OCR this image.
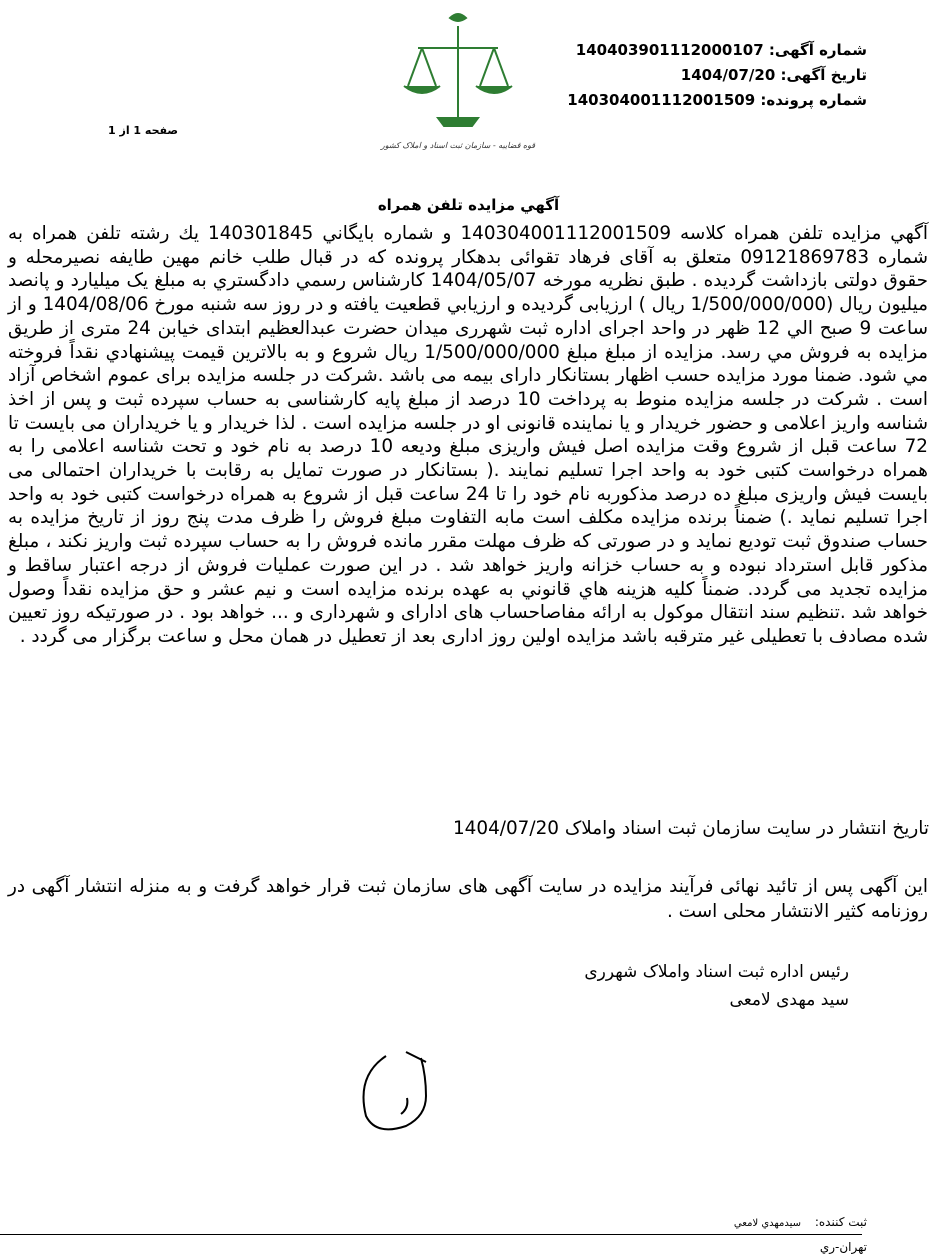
شماره آگهی: 14040390111200010​7
تاریخ آگهی: 1404/07/20
شماره پرونده: 14030400111200150​9
قوه قضاییه - سازمان ثبت اسناد و املاک کشور
صفحه 1 از 1
آگهي مزايده تلفن همراه

آگهي مزايده تلفن همراه كلاسه 140304001112001509 و شماره بايگاني 140301845 يك رشته تلفن همراه به شماره 09121869783 متعلق به آقای فرهاد تقوائی بدهکار پرونده که در قبال طلب خانم مهین طایفه نصیرمحله و حقوق دولتی بازداشت گردیده . طبق نظریه مورخه 1404/05/07 کارشناس رسمي دادگستري به مبلغ یک میلیارد و پانصد میلیون ريال (1/500/000/000 ريال ) ارزیابی گردیده و ارزيابي قطعيت يافته و در روز سه شنبه مورخ 1404/08/06 و از ساعت 9 صبح الي 12 ظهر در واحد اجرای اداره ثبت شهرری میدان حضرت عبدالعظیم ابتدای خیابن 24 متری از طريق مزايده به فروش مي رسد. مزايده از مبلغ مبلغ 1/500/000/000 ريال شروع و به بالاترين قيمت پيشنهادي نقداً فروخته مي شود. ضمنا مورد مزایده حسب اظهار بستانکار دارای بیمه می باشد .شرکت در جلسه مزایده برای عموم اشخاص آزاد است . شرکت در جلسه مزایده منوط به پرداخت 10 درصد از مبلغ پایه کارشناسی به حساب سپرده ثبت و پس از اخذ شناسه واریز اعلامی و حضور خریدار و یا نماینده قانونی او در جلسه مزایده است . لذا خریدار و یا خریداران می بایست تا 72 ساعت قبل از شروع وقت مزایده اصل فیش واریزی مبلغ ودیعه 10 درصد به نام خود و تحت شناسه اعلامی را به همراه درخواست کتبی خود به واحد اجرا تسلیم نمایند .( بستانکار در صورت تمایل به رقابت با خریداران احتمالی می بایست فیش واریزی مبلغ ده درصد مذکوربه نام خود را تا 24 ساعت قبل از شروع به همراه درخواست کتبی خود به واحد اجرا تسلیم نماید .) ضمناً برنده مزایده مکلف است مابه التفاوت مبلغ فروش را ظرف مدت پنج روز از تاریخ مزایده به حساب صندوق ثبت تودیع نماید و در صورتی که ظرف مهلت مقرر مانده فروش را به حساب سپرده ثبت واریز نکند ، مبلغ مذکور قابل استرداد نبوده و به حساب خزانه واریز خواهد شد . در این صورت عملیات فروش از درجه اعتبار ساقط و مزایده تجدید می گردد. ضمناً کليه هزينه هاي قانوني به عهده برنده مزايده است و نیم عشر و حق مزایده نقداً وصول خواهد شد .تنظیم سند انتقال موکول به ارائه مفاصاحساب های ادارای و شهرداری و ... خواهد بود . در صورتیکه روز تعیین شده مصادف با تعطیلی غیر مترقبه باشد مزایده اولین روز اداری بعد از تعطیل در همان محل و ساعت برگزار می گردد .

تاریخ انتشار در سایت سازمان ثبت اسناد واملاک 1404/07/20
این آگهی پس از تائید نهائی فرآیند مزایده در سایت آگهی های سازمان ثبت قرار خواهد گرفت و به منزله انتشار آگهی در روزنامه کثیر الانتشار محلی است .
رئیس اداره ثبت اسناد واملاک شهرری
سید مهدی لامعی
ثبت کننده: سيدمهدي لامعي
تهران-ري
